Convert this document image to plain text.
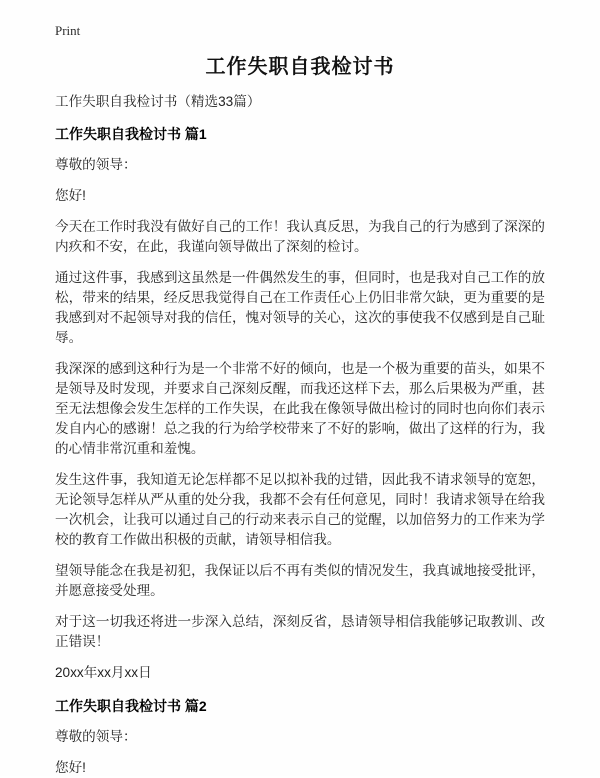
Print
工作失职自我检讨书

工作失职自我检讨书（精选33篇）

工作失职自我检讨书 篇1

尊敬的领导：

您好!

今天在工作时我没有做好自己的工作！我认真反思，为我自己的行为感到了深深的内疚和不安，在此，我谨向领导做出了深刻的检讨。

通过这件事，我感到这虽然是一件偶然发生的事，但同时，也是我对自己工作的放松，带来的结果，经反思我觉得自己在工作责任心上仍旧非常欠缺，更为重要的是我感到对不起领导对我的信任，愧对领导的关心，这次的事使我不仅感到是自己耻辱。

我深深的感到这种行为是一个非常不好的倾向，也是一个极为重要的苗头，如果不是领导及时发现，并要求自己深刻反醒，而我还这样下去，那么后果极为严重，甚至无法想像会发生怎样的工作失误，在此我在像领导做出检讨的同时也向你们表示发自内心的感谢！总之我的行为给学校带来了不好的影响，做出了这样的行为，我的心情非常沉重和羞愧。

发生这件事，我知道无论怎样都不足以拟补我的过错，因此我不请求领导的宽恕，无论领导怎样从严从重的处分我，我都不会有任何意见，同时！我请求领导在给我一次机会，让我可以通过自己的行动来表示自己的觉醒，以加倍努力的工作来为学校的教育工作做出积极的贡献，请领导相信我。

望领导能念在我是初犯，我保证以后不再有类似的情况发生，我真诚地接受批评，并愿意接受处理。

对于这一切我还将进一步深入总结，深刻反省，恳请领导相信我能够记取教训、改正错误！

20xx年xx月xx日

工作失职自我检讨书 篇2

尊敬的领导：

您好!
